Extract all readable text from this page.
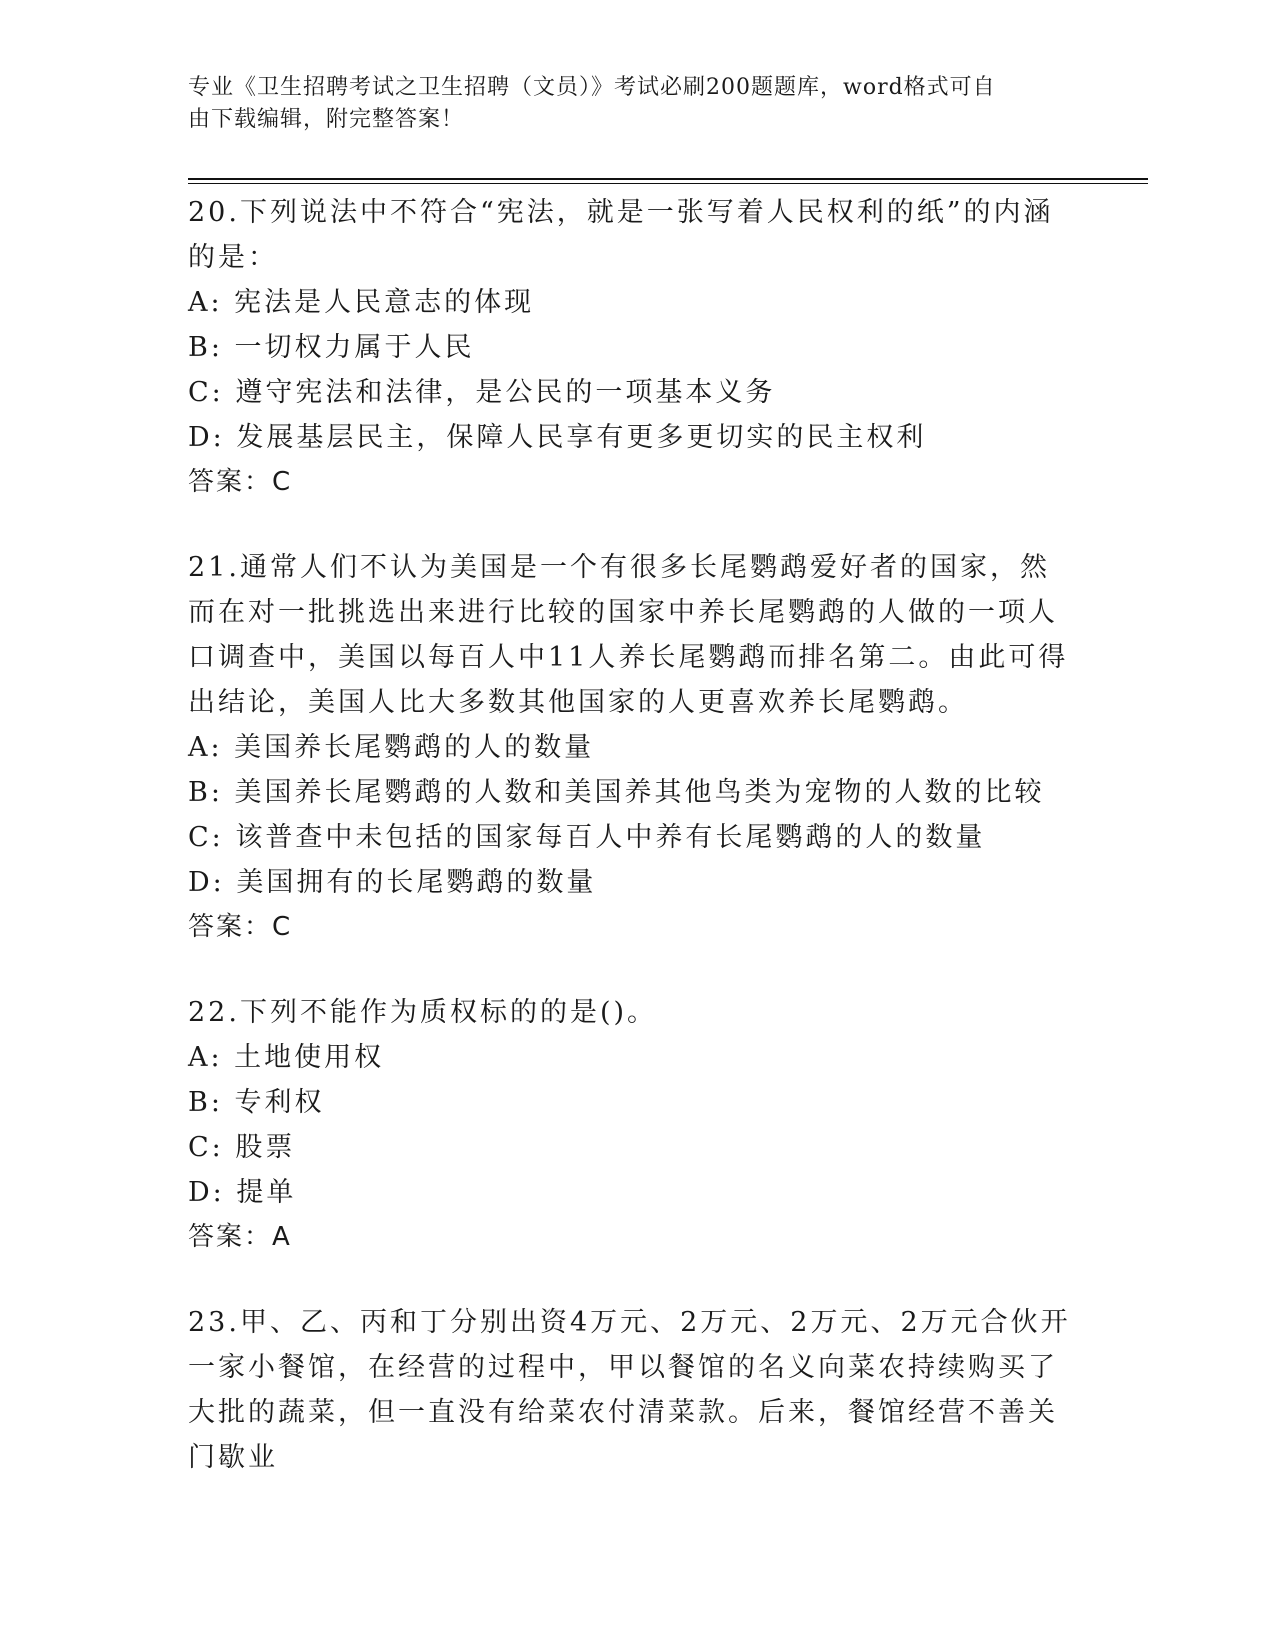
专业《卫生招聘考试之卫生招聘（文员）》考试必刷200题题库，word格式可自
由下载编辑，附完整答案！

20.下列说法中不符合“宪法，就是一张写着人民权利的纸”的内涵的是：

A: 宪法是人民意志的体现

B: 一切权力属于人民

C: 遵守宪法和法律，是公民的一项基本义务

D: 发展基层民主，保障人民享有更多更切实的民主权利

答案：C

21.通常人们不认为美国是一个有很多长尾鹦鹉爱好者的国家，然而在对一批挑选出来进行比较的国家中养长尾鹦鹉的人做的一项人口调查中，美国以每百人中11人养长尾鹦鹉而排名第二。由此可得出结论，美国人比大多数其他国家的人更喜欢养长尾鹦鹉。

A: 美国养长尾鹦鹉的人的数量

B: 美国养长尾鹦鹉的人数和美国养其他鸟类为宠物的人数的比较

C: 该普查中未包括的国家每百人中养有长尾鹦鹉的人的数量

D: 美国拥有的长尾鹦鹉的数量

答案：C

22.下列不能作为质权标的的是()。

A: 土地使用权

B: 专利权

C: 股票

D: 提单

答案：A

23.甲、乙、丙和丁分别出资4万元、2万元、2万元、2万元合伙开一家小餐馆，在经营的过程中，甲以餐馆的名义向菜农持续购买了大批的蔬菜，但一直没有给菜农付清菜款。后来，餐馆经营不善关门歇业
